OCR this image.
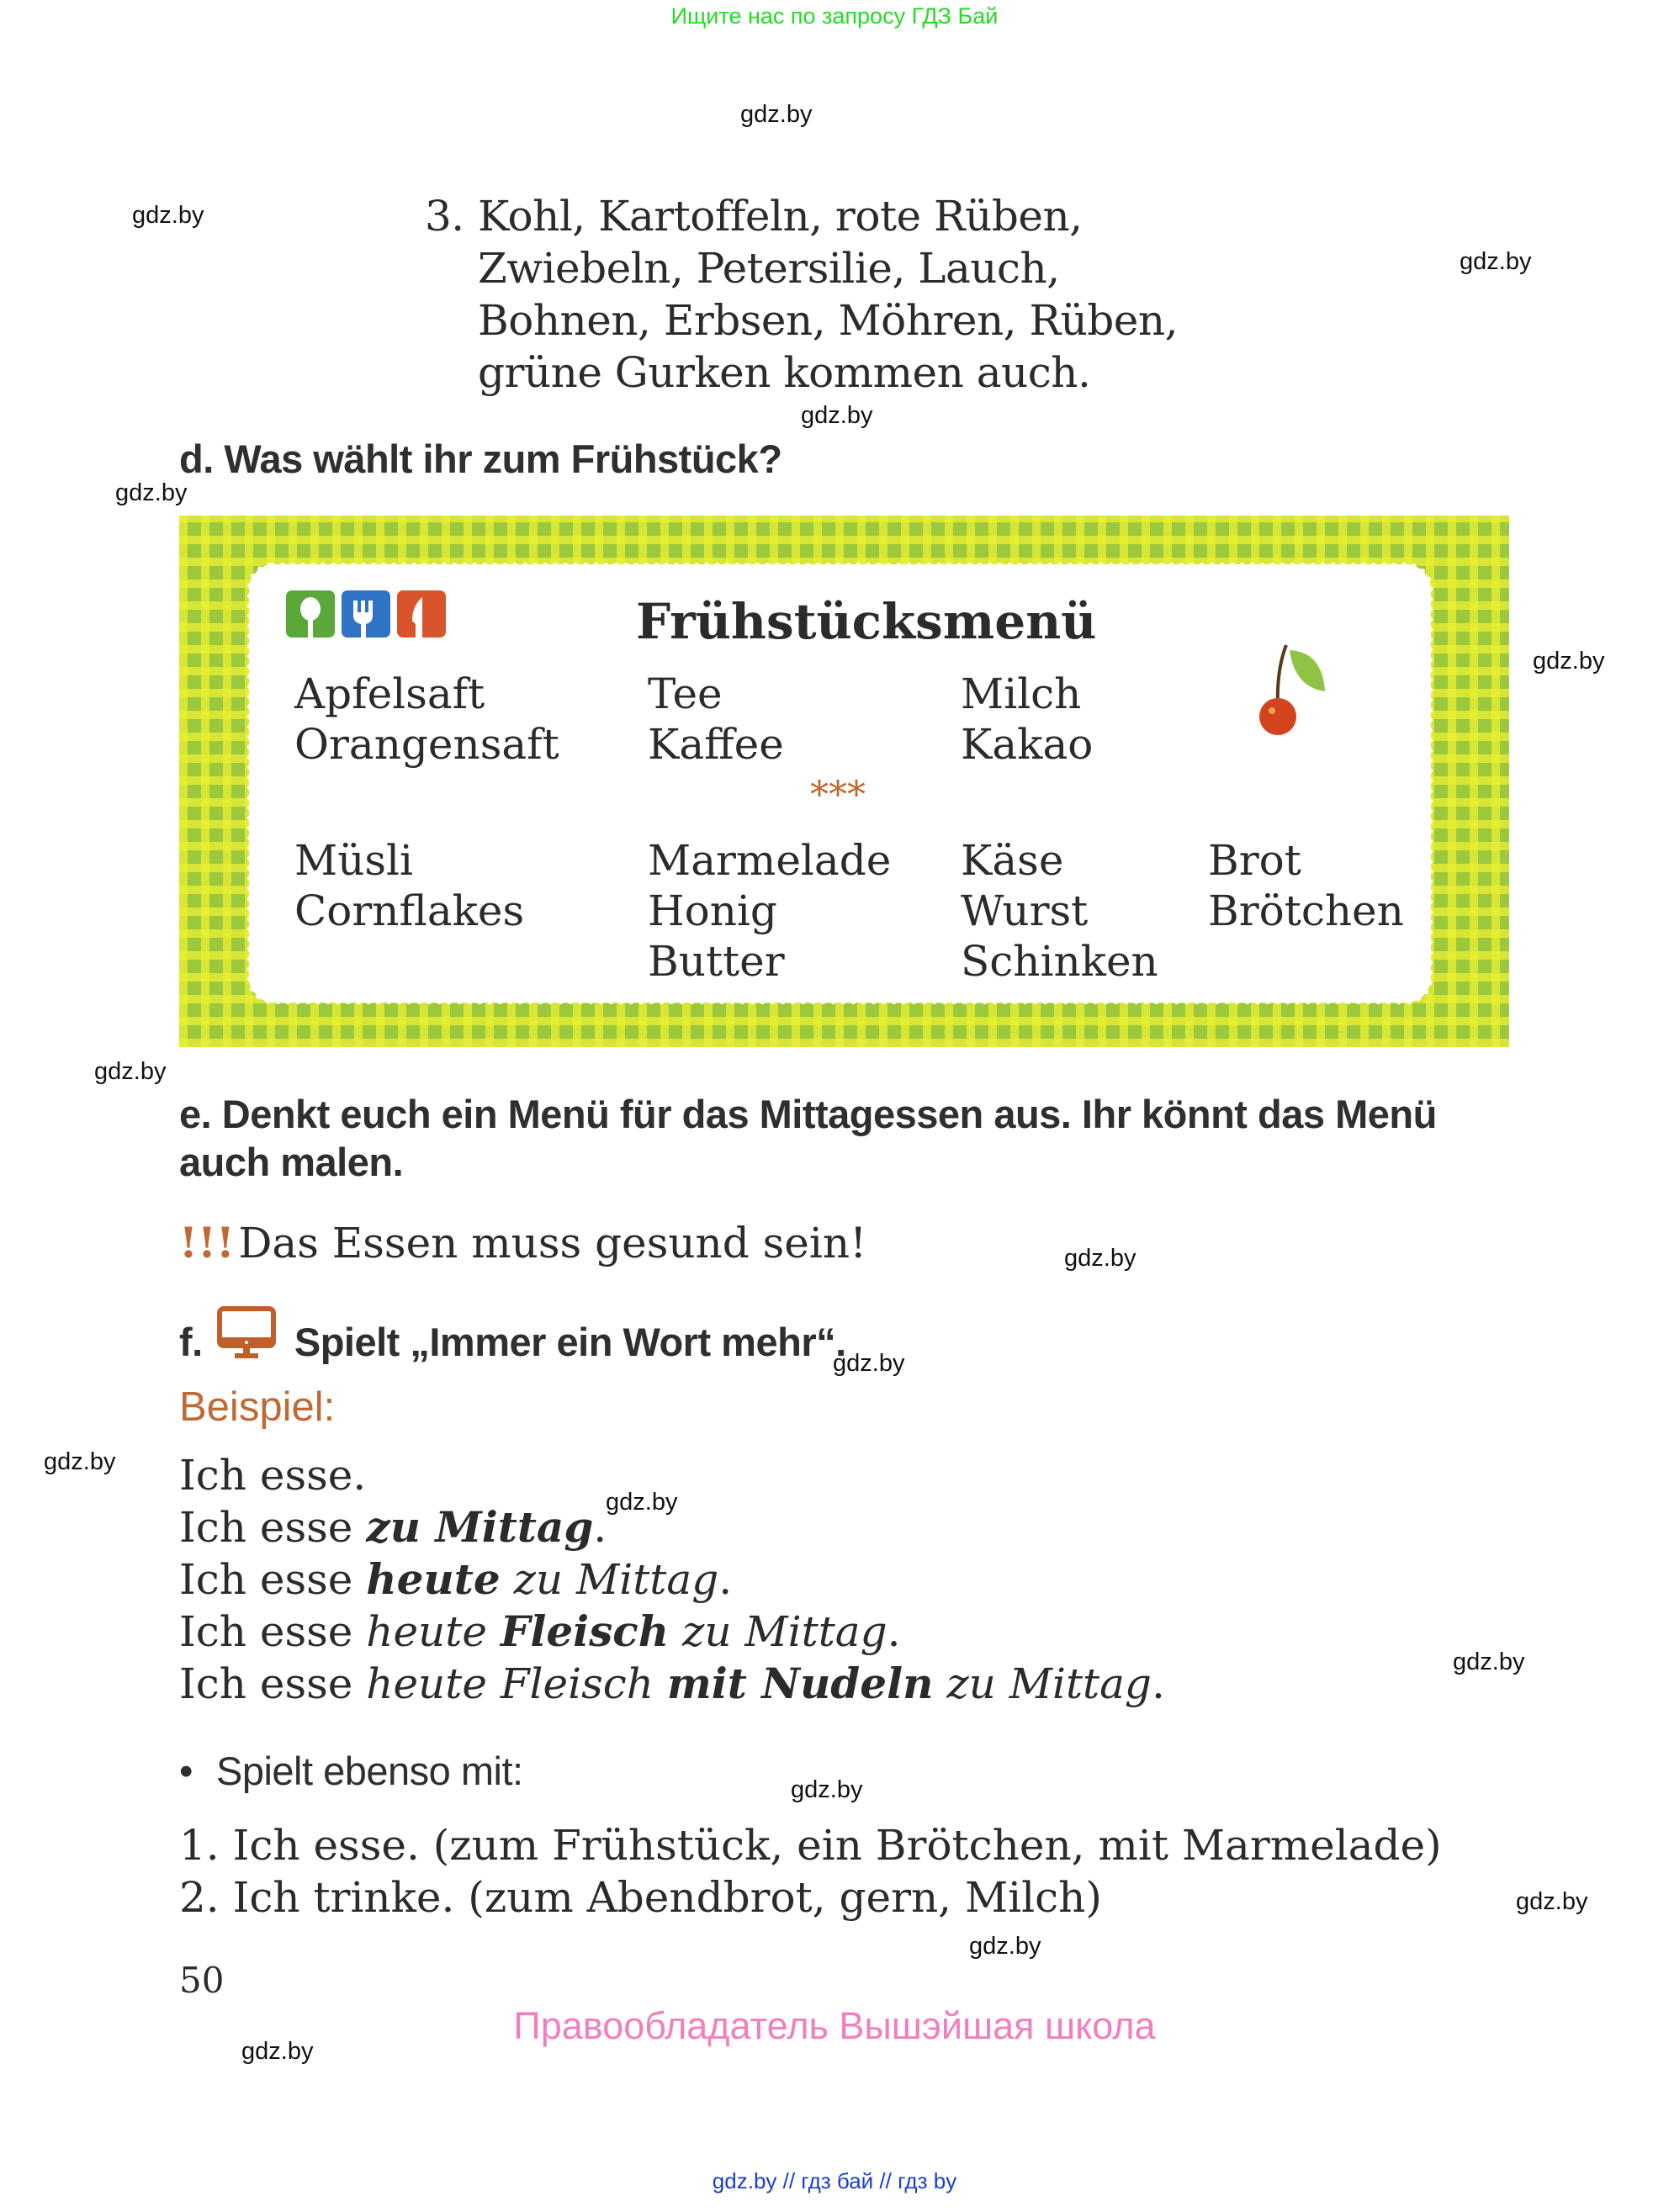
Ищите нас по запросу ГДЗ Бай
gdz.by
gdz.by
gdz.by
gdz.by
gdz.by
gdz.by
gdz.by
gdz.by
gdz.by
gdz.by
gdz.by
gdz.by
gdz.by
gdz.by
gdz.by
gdz.by
3. Kohl, Kartoffeln, rote Rüben,
Zwiebeln, Petersilie, Lauch,
Bohnen, Erbsen, Möhren, Rüben,
grüne Gurken kommen auch.
d. Was wählt ihr zum Frühstück?
Frühstücksmenü
Apfelsaft
Orangensaft
Tee
Kaffee
Milch
Kakao
***
Müsli
Cornflakes
Marmelade
Honig
Butter
Käse
Wurst
Schinken
Brot
Brötchen
e. Denkt euch ein Menü für das Mittagessen aus. Ihr könnt das Menü
auch malen.
!!! Das Essen muss gesund sein!
f. Spielt „Immer ein Wort mehr“.
Beispiel:
Ich esse.
Ich esse zu Mittag.
Ich esse heute zu Mittag.
Ich esse heute Fleisch zu Mittag.
Ich esse heute Fleisch mit Nudeln zu Mittag.
• Spielt ebenso mit:
1. Ich esse. (zum Frühstück, ein Brötchen, mit Marmelade)
2. Ich trinke. (zum Abendbrot, gern, Milch)
50
Правообладатель Вышэйшая школа
gdz.by // гдз бай // гдз by
